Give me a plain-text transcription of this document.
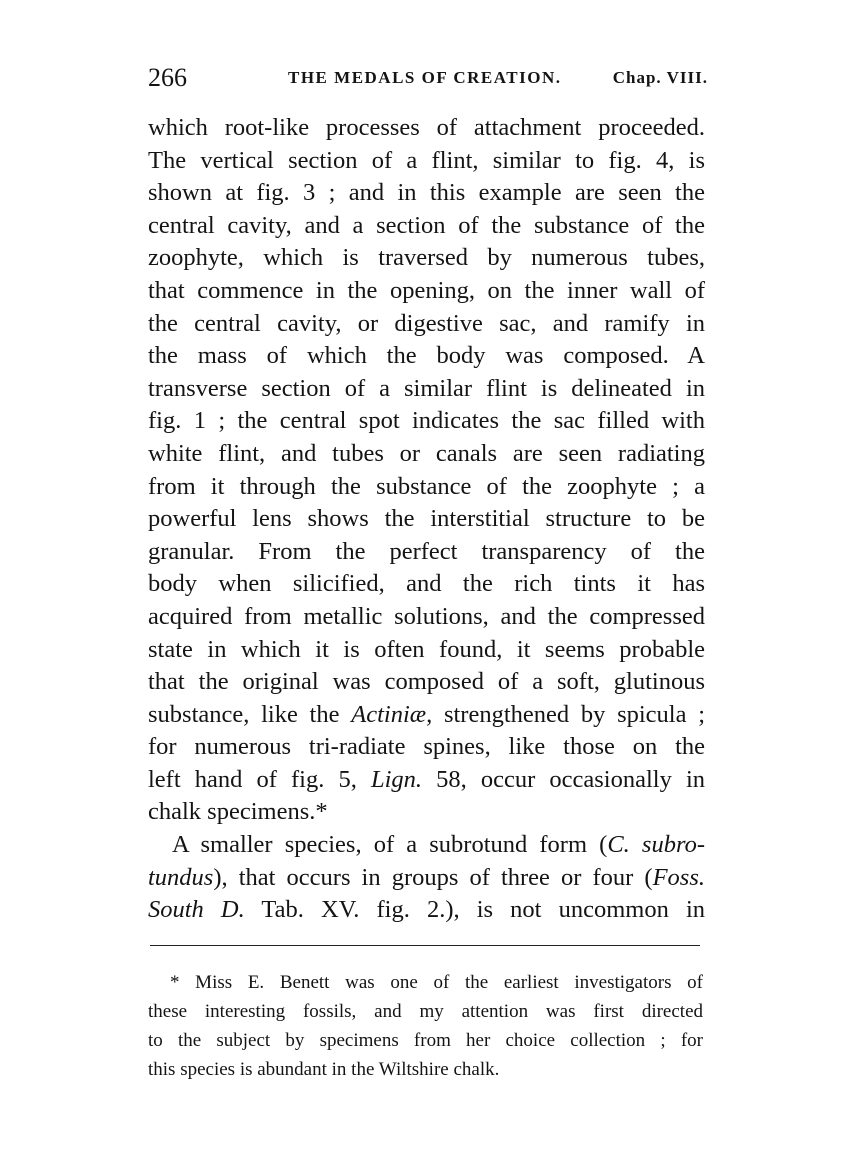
266	THE MEDALS OF CREATION.	Chap. VIII.
which root-like processes of attachment proceeded.
The vertical section of a flint, similar to fig. 4, is
shown at fig. 3 ; and in this example are seen the
central cavity, and a section of the substance of the
zoophyte, which is traversed by numerous tubes,
that commence in the opening, on the inner wall of
the central cavity, or digestive sac, and ramify in
the mass of which the body was composed. A
transverse section of a similar flint is delineated in
fig. 1 ; the central spot indicates the sac filled with
white flint, and tubes or canals are seen radiating
from it through the substance of the zoophyte ; a
powerful lens shows the interstitial structure to be
granular. From the perfect transparency of the
body when silicified, and the rich tints it has
acquired from metallic solutions, and the compressed
state in which it is often found, it seems probable
that the original was composed of a soft, glutinous
substance, like the Actiniæ, strengthened by spicula ;
for numerous tri-radiate spines, like those on the
left hand of fig. 5, Lign. 58, occur occasionally in
chalk specimens.*
A smaller species, of a subrotund form (C. subro-
tundus), that occurs in groups of three or four (Foss.
South D. Tab. XV. fig. 2.), is not uncommon in
* Miss E. Benett was one of the earliest investigators of
these interesting fossils, and my attention was first directed
to the subject by specimens from her choice collection ; for
this species is abundant in the Wiltshire chalk.
